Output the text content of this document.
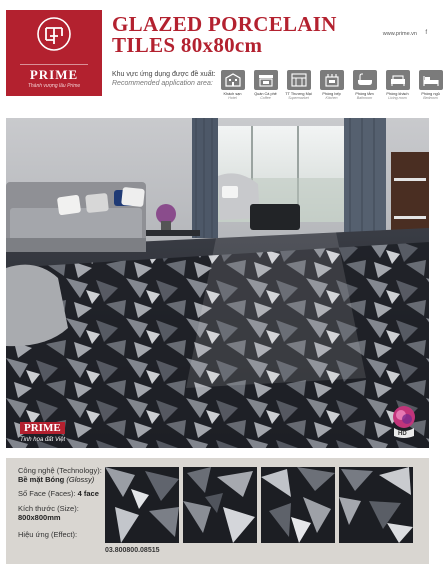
PRIME
Thành vượng lâu Prime
GLAZED PORCELAIN
TILES 80x80cm	www.prime.vn f
Khu vực ứng dụng được đề xuất:
Recommended application area:
Khách sạn
Hotel
Quán Cà phê
Coffee
TT Thương Mại
Supermarket
Phòng bếp
Kitchen
Phòng tắm
Bathroom
Phòng khách
Living room
Phòng ngủ
Bedroom
PRIME
Tinh hoa đất Việt
HD
Công nghệ (Technology):
Bề mặt Bóng (Glossy)
Số Face (Faces): 4 face
Kích thước (Size):
800x800mm
Hiệu ứng (Effect):
03.800800.08515
